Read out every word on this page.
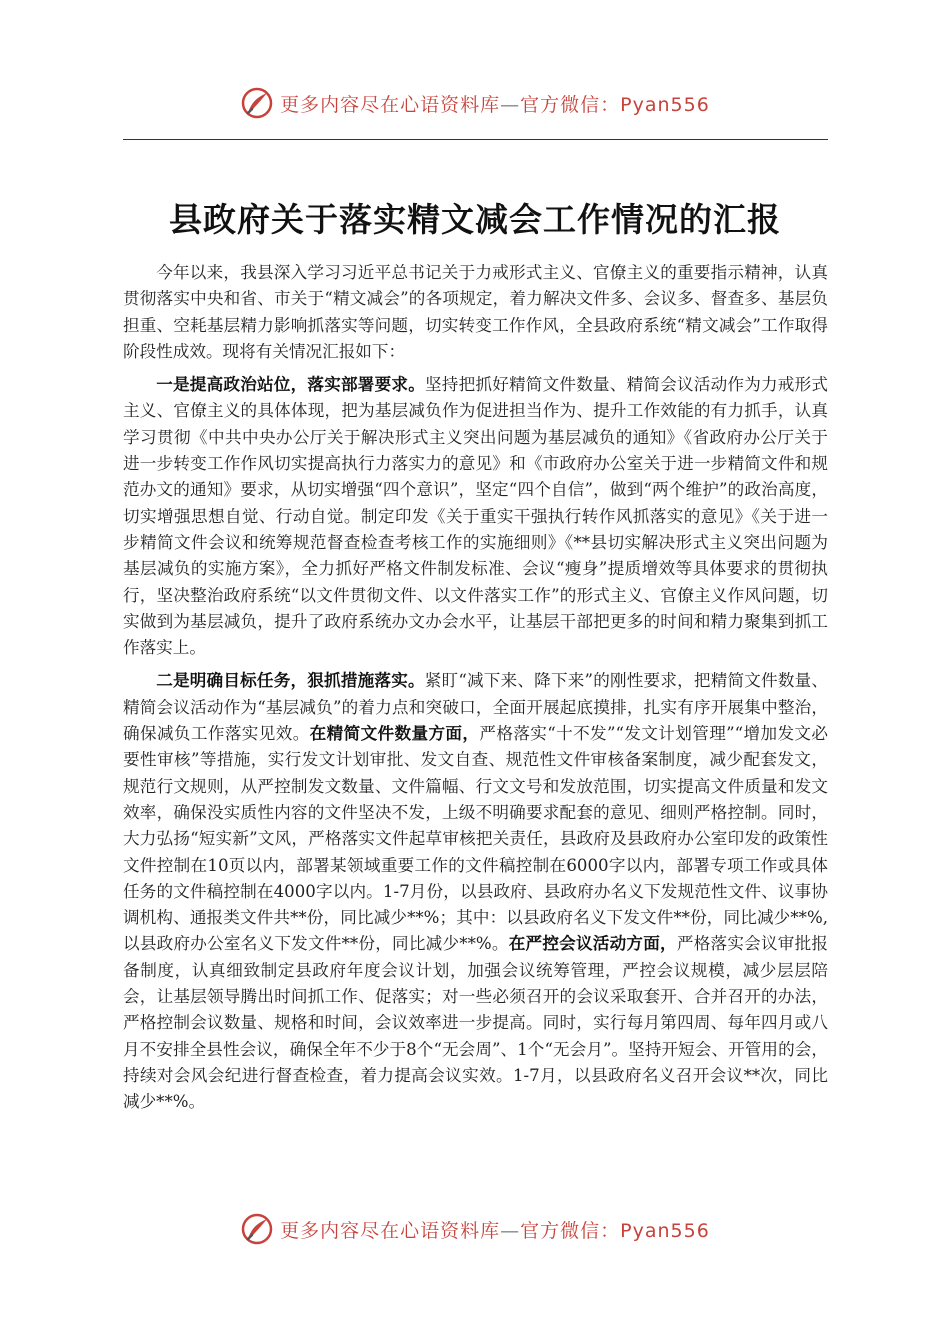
更多内容尽在心语资料库—官方微信：Pyan556
县政府关于落实精文减会工作情况的汇报

今年以来，我县深入学习习近平总书记关于力戒形式主义、官僚主义的重要指示精神，认真贯彻落实中央和省、市关于“精文减会”的各项规定，着力解决文件多、会议多、督查多、基层负担重、空耗基层精力影响抓落实等问题，切实转变工作作风，全县政府系统“精文减会”工作取得阶段性成效。现将有关情况汇报如下：

一是提高政治站位，落实部署要求。坚持把抓好精简文件数量、精简会议活动作为力戒形式主义、官僚主义的具体体现，把为基层减负作为促进担当作为、提升工作效能的有力抓手，认真学习贯彻《中共中央办公厅关于解决形式主义突出问题为基层减负的通知》《省政府办公厅关于进一步转变工作作风切实提高执行力落实力的意见》和《市政府办公室关于进一步精简文件和规范办文的通知》要求，从切实增强“四个意识”，坚定“四个自信”，做到“两个维护”的政治高度，切实增强思想自觉、行动自觉。制定印发《关于重实干强执行转作风抓落实的意见》《关于进一步精简文件会议和统筹规范督查检查考核工作的实施细则》《**县切实解决形式主义突出问题为基层减负的实施方案》，全力抓好严格文件制发标准、会议“瘦身”提质增效等具体要求的贯彻执行，坚决整治政府系统“以文件贯彻文件、以文件落实工作”的形式主义、官僚主义作风问题，切实做到为基层减负，提升了政府系统办文办会水平，让基层干部把更多的时间和精力聚集到抓工作落实上。

二是明确目标任务，狠抓措施落实。紧盯“减下来、降下来”的刚性要求，把精简文件数量、精简会议活动作为“基层减负”的着力点和突破口，全面开展起底摸排，扎实有序开展集中整治，确保减负工作落实见效。在精简文件数量方面，严格落实“十不发”“发文计划管理”“增加发文必要性审核”等措施，实行发文计划审批、发文自查、规范性文件审核备案制度，减少配套发文，规范行文规则，从严控制发文数量、文件篇幅、行文文号和发放范围，切实提高文件质量和发文效率，确保没实质性内容的文件坚决不发，上级不明确要求配套的意见、细则严格控制。同时，大力弘扬“短实新”文风，严格落实文件起草审核把关责任，县政府及县政府办公室印发的政策性文件控制在10页以内，部署某领域重要工作的文件稿控制在6000字以内，部署专项工作或具体任务的文件稿控制在4000字以内。1-7月份，以县政府、县政府办名义下发规范性文件、议事协调机构、通报类文件共**份，同比减少**%；其中：以县政府名义下发文件**份，同比减少**%, 以县政府办公室名义下发文件**份，同比减少**%。在严控会议活动方面，严格落实会议审批报备制度，认真细致制定县政府年度会议计划，加强会议统筹管理，严控会议规模，减少层层陪会，让基层领导腾出时间抓工作、促落实；对一些必须召开的会议采取套开、合并召开的办法，严格控制会议数量、规格和时间，会议效率进一步提高。同时，实行每月第四周、每年四月或八月不安排全县性会议，确保全年不少于8个“无会周”、1个“无会月”。坚持开短会、开管用的会，持续对会风会纪进行督查检查，着力提高会议实效。1-7月，以县政府名义召开会议**次，同比减少**%。

更多内容尽在心语资料库—官方微信：Pyan556
